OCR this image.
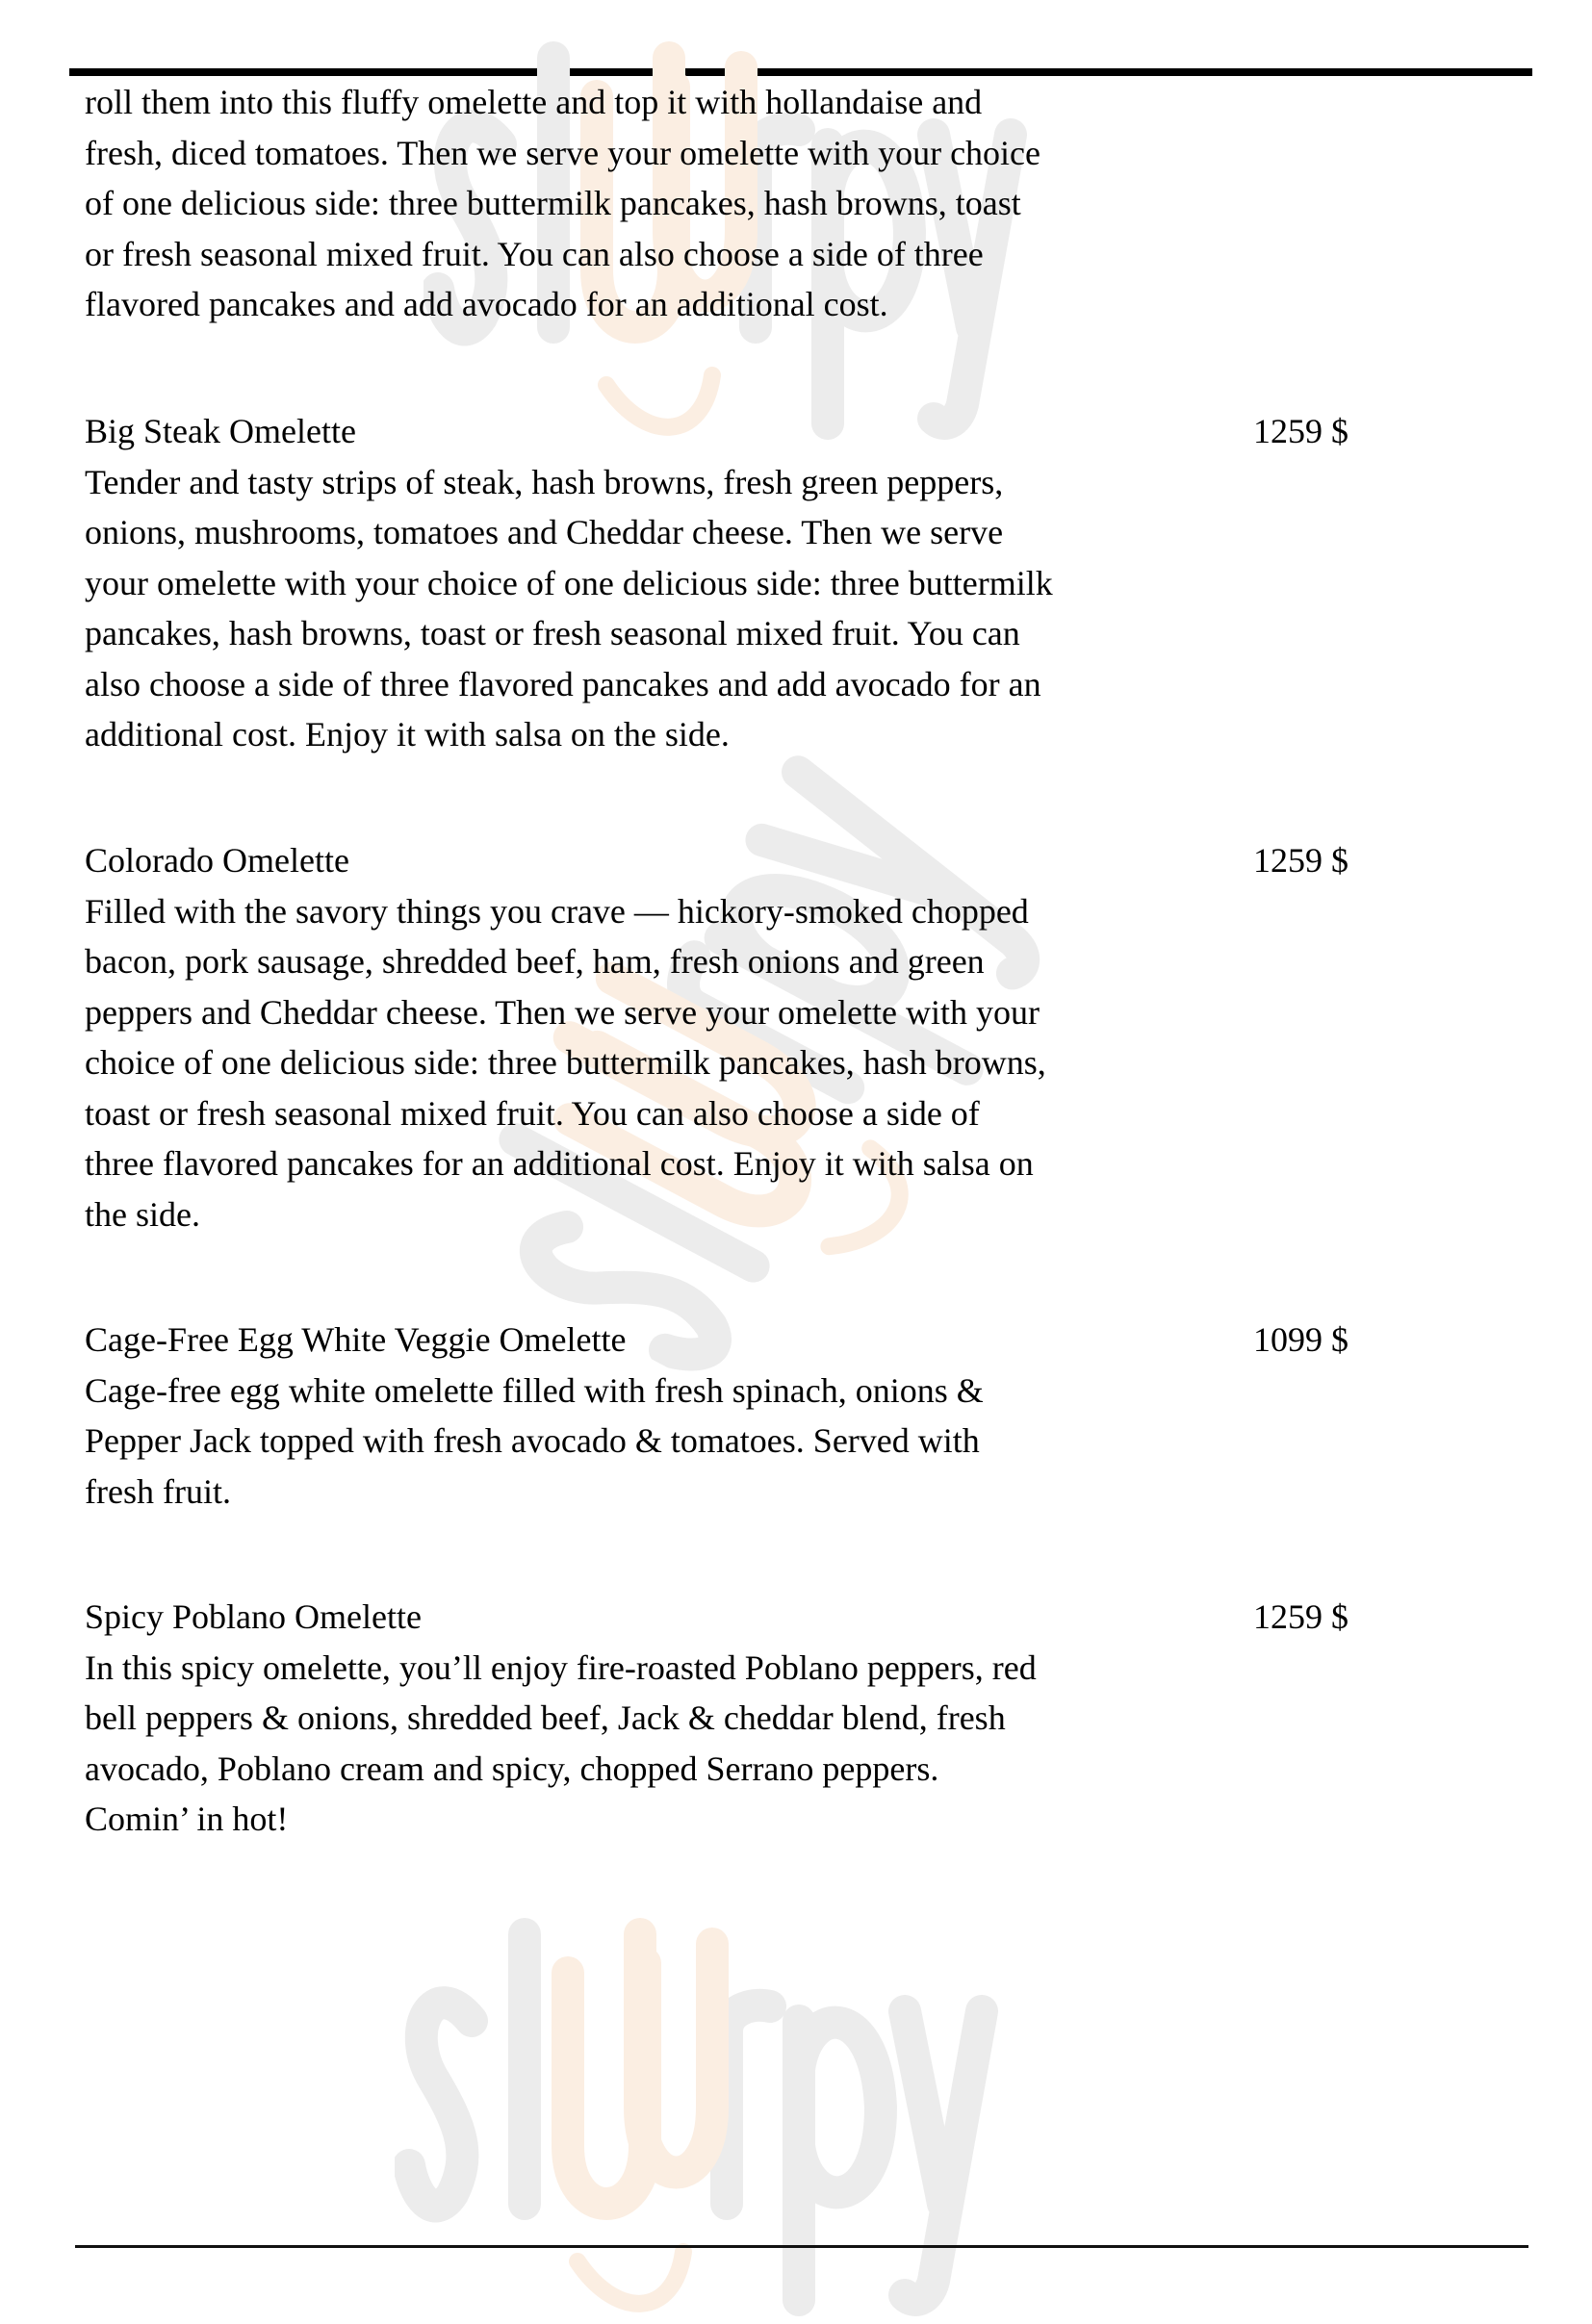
roll them into this fluffy omelette and top it with hollandaise and
fresh, diced tomatoes. Then we serve your omelette with your choice
of one delicious side: three buttermilk pancakes, hash browns, toast
or fresh seasonal mixed fruit. You can also choose a side of three
flavored pancakes and add avocado for an additional cost.
Big Steak Omelette	1259 $
Tender and tasty strips of steak, hash browns, fresh green peppers,
onions, mushrooms, tomatoes and Cheddar cheese. Then we serve
your omelette with your choice of one delicious side: three buttermilk
pancakes, hash browns, toast or fresh seasonal mixed fruit. You can
also choose a side of three flavored pancakes and add avocado for an
additional cost. Enjoy it with salsa on the side.
Colorado Omelette	1259 $
Filled with the savory things you crave — hickory-smoked chopped
bacon, pork sausage, shredded beef, ham, fresh onions and green
peppers and Cheddar cheese. Then we serve your omelette with your
choice of one delicious side: three buttermilk pancakes, hash browns,
toast or fresh seasonal mixed fruit. You can also choose a side of
three flavored pancakes for an additional cost. Enjoy it with salsa on
the side.
Cage-Free Egg White Veggie Omelette	1099 $
Cage-free egg white omelette filled with fresh spinach, onions &
Pepper Jack topped with fresh avocado & tomatoes. Served with
fresh fruit.
Spicy Poblano Omelette	1259 $
In this spicy omelette, you’ll enjoy fire-roasted Poblano peppers, red
bell peppers & onions, shredded beef, Jack & cheddar blend, fresh
avocado, Poblano cream and spicy, chopped Serrano peppers.
Comin’ in hot!
